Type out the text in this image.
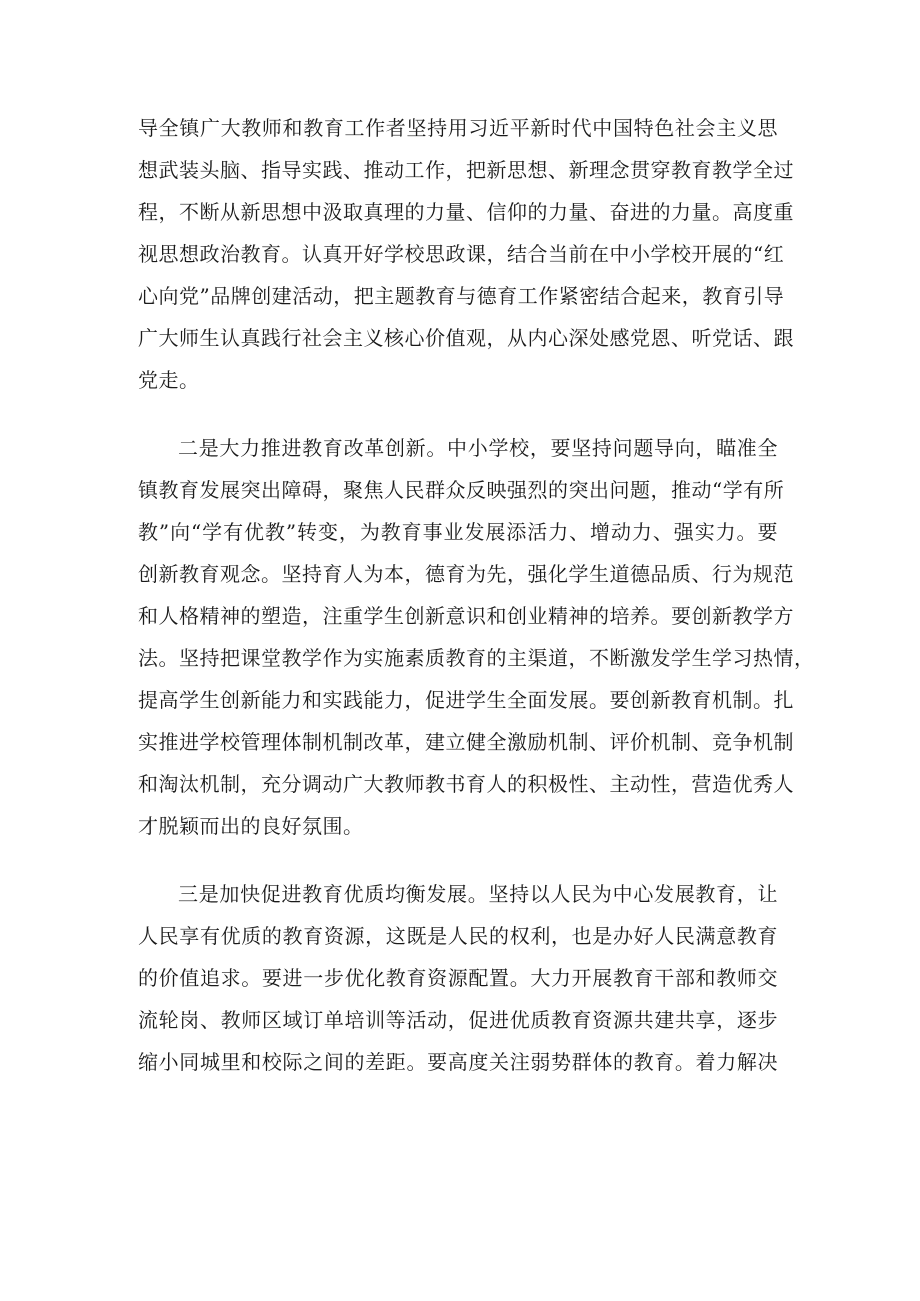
导全镇广大教师和教育工作者坚持用习近平新时代中国特色社会主义思
想武装头脑、指导实践、推动工作，把新思想、新理念贯穿教育教学全过
程，不断从新思想中汲取真理的力量、信仰的力量、奋进的力量。高度重
视思想政治教育。认真开好学校思政课，结合当前在中小学校开展的“红
心向党”品牌创建活动，把主题教育与德育工作紧密结合起来，教育引导
广大师生认真践行社会主义核心价值观，从内心深处感党恩、听党话、跟
党走。

二是大力推进教育改革创新。中小学校，要坚持问题导向，瞄准全
镇教育发展突出障碍，聚焦人民群众反映强烈的突出问题，推动“学有所
教”向“学有优教”转变，为教育事业发展添活力、增动力、强实力。要
创新教育观念。坚持育人为本，德育为先，强化学生道德品质、行为规范
和人格精神的塑造，注重学生创新意识和创业精神的培养。要创新教学方
法。坚持把课堂教学作为实施素质教育的主渠道，不断激发学生学习热情，
提高学生创新能力和实践能力，促进学生全面发展。要创新教育机制。扎
实推进学校管理体制机制改革，建立健全激励机制、评价机制、竞争机制
和淘汰机制，充分调动广大教师教书育人的积极性、主动性，营造优秀人
才脱颖而出的良好氛围。

三是加快促进教育优质均衡发展。坚持以人民为中心发展教育，让
人民享有优质的教育资源，这既是人民的权利，也是办好人民满意教育
的价值追求。要进一步优化教育资源配置。大力开展教育干部和教师交
流轮岗、教师区域订单培训等活动，促进优质教育资源共建共享，逐步
缩小同城里和校际之间的差距。要高度关注弱势群体的教育。着力解决
